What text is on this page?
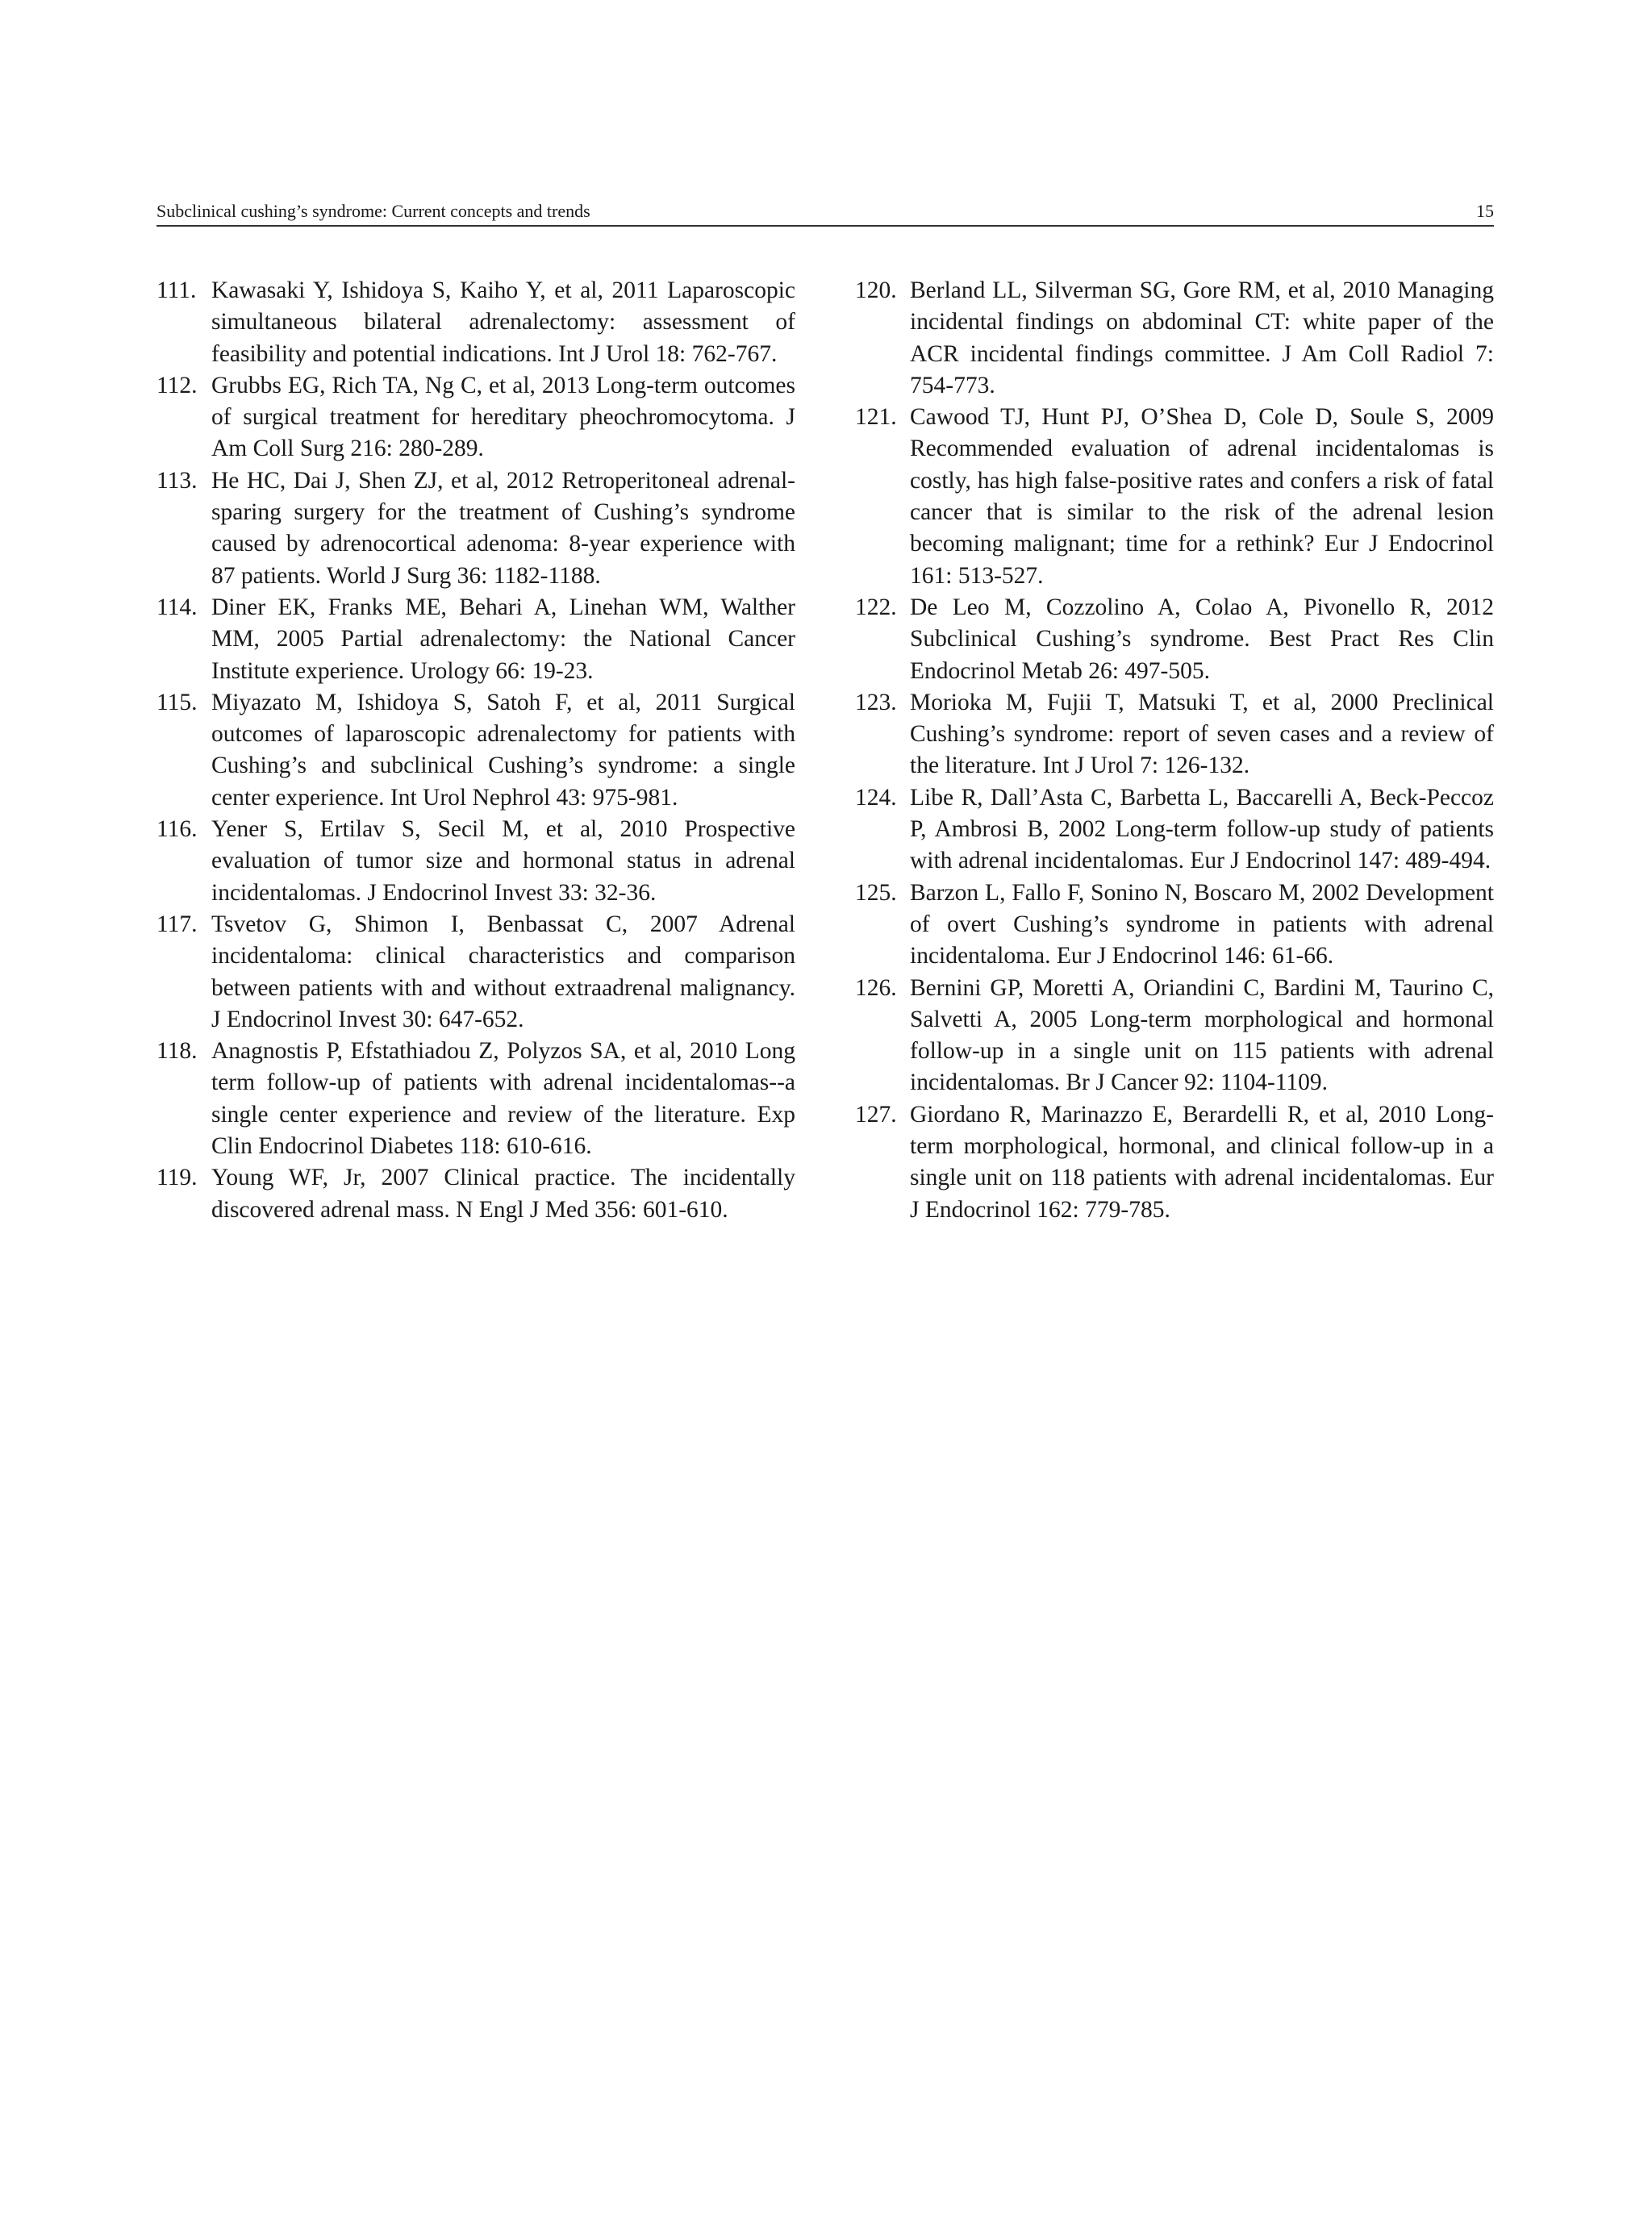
Subclinical cushing’s syndrome: Current concepts and trends	15
111. Kawasaki Y, Ishidoya S, Kaiho Y, et al, 2011 Laparoscopic simultaneous bilateral adrenalectomy: assessment of feasibility and potential indications. Int J Urol 18: 762-767.
112. Grubbs EG, Rich TA, Ng C, et al, 2013 Long-term outcomes of surgical treatment for hereditary pheochromocytoma. J Am Coll Surg 216: 280-289.
113. He HC, Dai J, Shen ZJ, et al, 2012 Retroperitoneal adrenal-sparing surgery for the treatment of Cushing’s syndrome caused by adrenocortical adenoma: 8-year experience with 87 patients. World J Surg 36: 1182-1188.
114. Diner EK, Franks ME, Behari A, Linehan WM, Walther MM, 2005 Partial adrenalectomy: the National Cancer Institute experience. Urology 66: 19-23.
115. Miyazato M, Ishidoya S, Satoh F, et al, 2011 Surgical outcomes of laparoscopic adrenalectomy for patients with Cushing’s and subclinical Cushing’s syndrome: a single center experience. Int Urol Nephrol 43: 975-981.
116. Yener S, Ertilav S, Secil M, et al, 2010 Prospective evaluation of tumor size and hormonal status in adrenal incidentalomas. J Endocrinol Invest 33: 32-36.
117. Tsvetov G, Shimon I, Benbassat C, 2007 Adrenal incidentaloma: clinical characteristics and comparison between patients with and without extraadrenal malignancy. J Endocrinol Invest 30: 647-652.
118. Anagnostis P, Efstathiadou Z, Polyzos SA, et al, 2010 Long term follow-up of patients with adrenal incidentalomas--a single center experience and review of the literature. Exp Clin Endocrinol Diabetes 118: 610-616.
119. Young WF, Jr, 2007 Clinical practice. The incidentally discovered adrenal mass. N Engl J Med 356: 601-610.
120. Berland LL, Silverman SG, Gore RM, et al, 2010 Managing incidental findings on abdominal CT: white paper of the ACR incidental findings committee. J Am Coll Radiol 7: 754-773.
121. Cawood TJ, Hunt PJ, O’Shea D, Cole D, Soule S, 2009 Recommended evaluation of adrenal incidentalomas is costly, has high false-positive rates and confers a risk of fatal cancer that is similar to the risk of the adrenal lesion becoming malignant; time for a rethink? Eur J Endocrinol 161: 513-527.
122. De Leo M, Cozzolino A, Colao A, Pivonello R, 2012 Subclinical Cushing’s syndrome. Best Pract Res Clin Endocrinol Metab 26: 497-505.
123. Morioka M, Fujii T, Matsuki T, et al, 2000 Preclinical Cushing’s syndrome: report of seven cases and a review of the literature. Int J Urol 7: 126-132.
124. Libe R, Dall’Asta C, Barbetta L, Baccarelli A, Beck-Peccoz P, Ambrosi B, 2002 Long-term follow-up study of patients with adrenal incidentalomas. Eur J Endocrinol 147: 489-494.
125. Barzon L, Fallo F, Sonino N, Boscaro M, 2002 Development of overt Cushing’s syndrome in patients with adrenal incidentaloma. Eur J Endocrinol 146: 61-66.
126. Bernini GP, Moretti A, Oriandini C, Bardini M, Taurino C, Salvetti A, 2005 Long-term morphological and hormonal follow-up in a single unit on 115 patients with adrenal incidentalomas. Br J Cancer 92: 1104-1109.
127. Giordano R, Marinazzo E, Berardelli R, et al, 2010 Long-term morphological, hormonal, and clinical follow-up in a single unit on 118 patients with adrenal incidentalomas. Eur J Endocrinol 162: 779-785.
